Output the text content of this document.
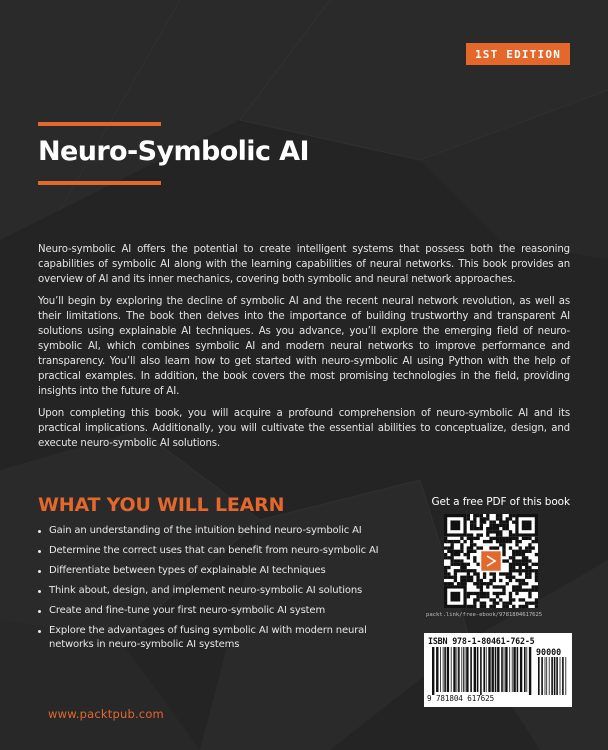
1ST EDITION
Neuro-Symbolic AI

Neuro-symbolic AI offers the potential to create intelligent systems that possess both the reasoning capabilities of symbolic AI along with the learning capabilities of neural networks. This book provides an overview of AI and its inner mechanics, covering both symbolic and neural network approaches.

You’ll begin by exploring the decline of symbolic AI and the recent neural network revolution, as well as their limitations. The book then delves into the importance of building trustworthy and transparent AI solutions using explainable AI techniques. As you advance, you’ll explore the emerging field of neuro-symbolic AI, which combines symbolic AI and modern neural networks to improve performance and transparency. You’ll also learn how to get started with neuro-symbolic AI using Python with the help of practical examples. In addition, the book covers the most promising technologies in the field, providing insights into the future of AI.

Upon completing this book, you will acquire a profound comprehension of neuro-symbolic AI and its practical implications. Additionally, you will cultivate the essential abilities to conceptualize, design, and execute neuro-symbolic AI solutions.

WHAT YOU WILL LEARN
Gain an understanding of the intuition behind neuro-symbolic AI
Determine the correct uses that can benefit from neuro-symbolic AI
Differentiate between types of explainable AI techniques
Think about, design, and implement neuro-symbolic AI solutions
Create and fine-tune your first neuro-symbolic AI system
Explore the advantages of fusing symbolic AI with modern neural networks in neuro-symbolic AI systems
Get a free PDF of this book
packt.link/free-ebook/9781804617625
ISBN 978-1-80461-762-5
90000
9 781804 617625
www.packtpub.com
